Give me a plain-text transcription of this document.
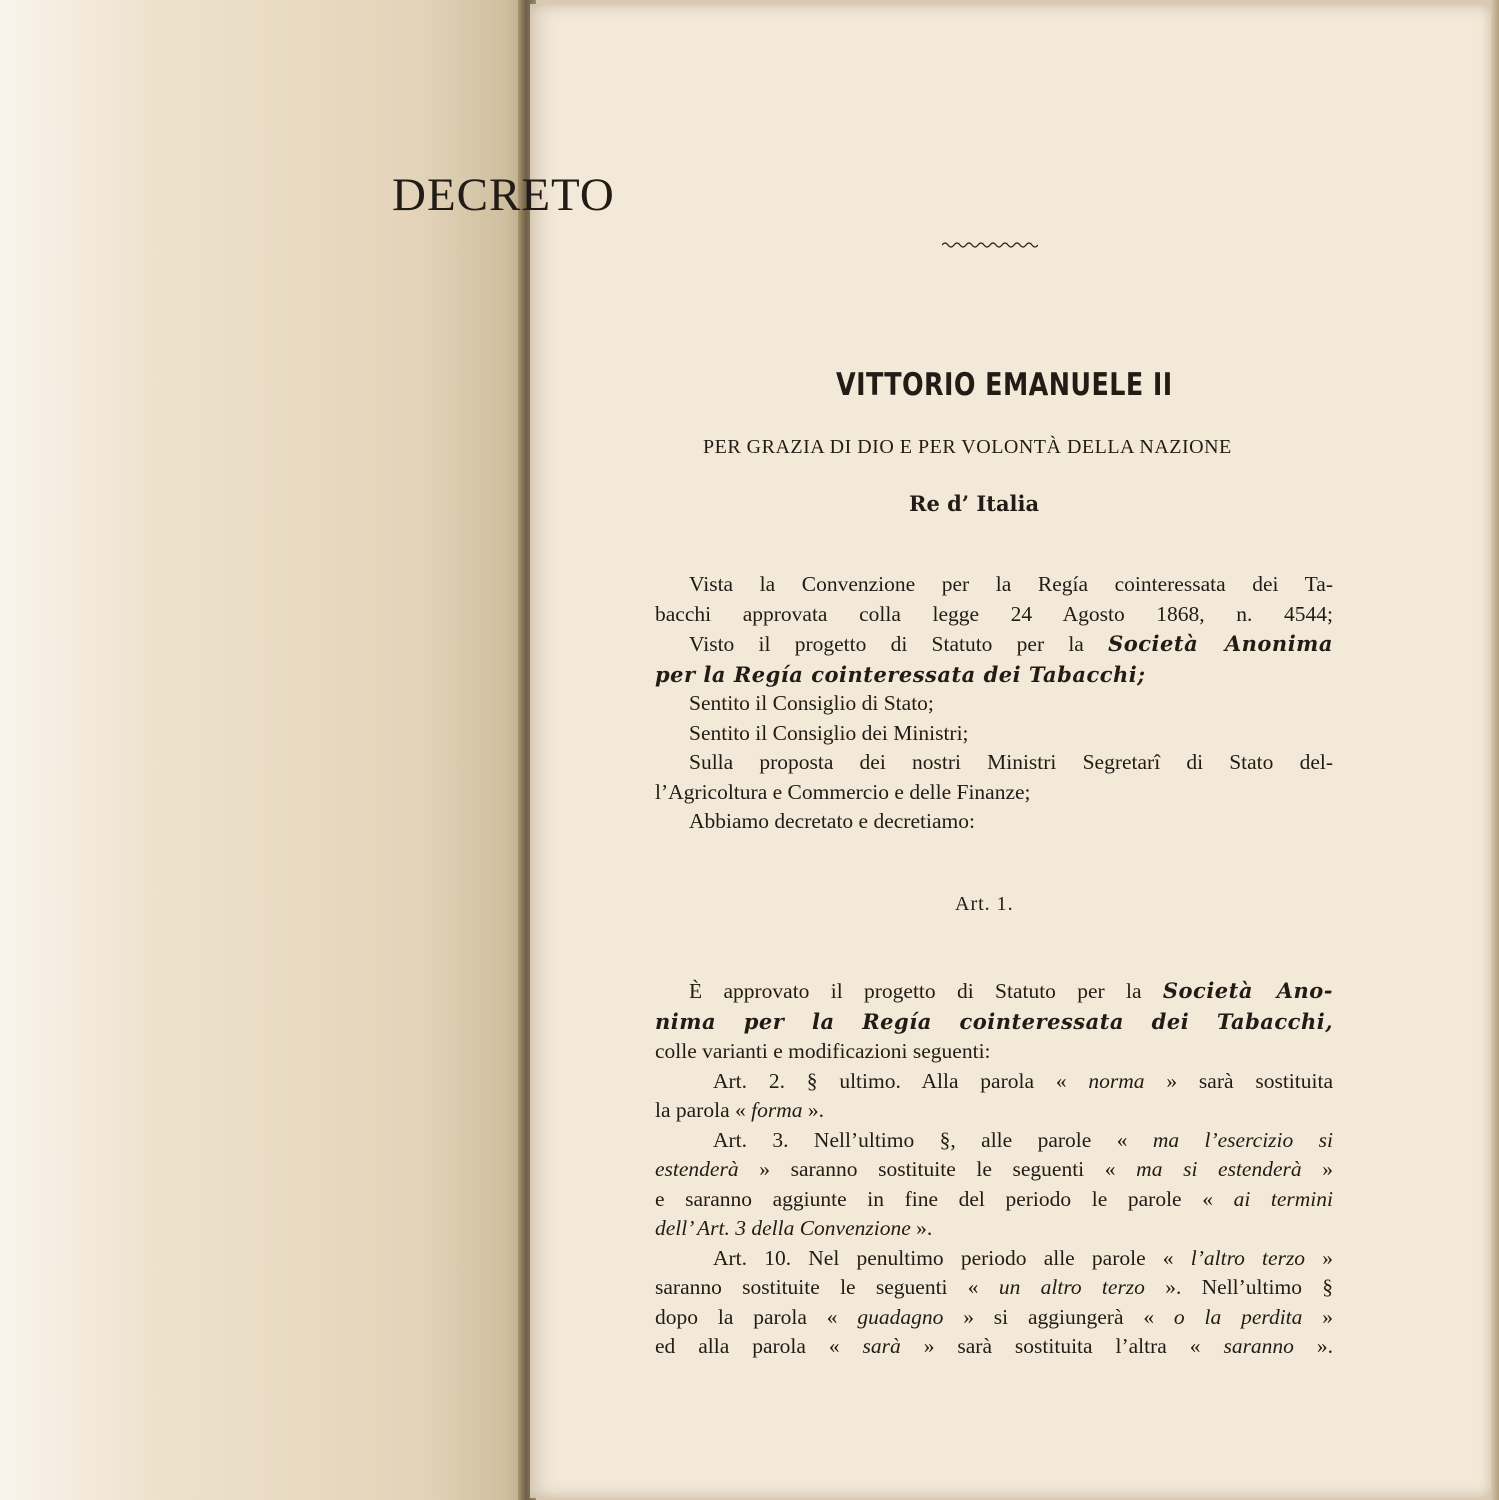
DECRETO
VITTORIO EMANUELE II
PER GRAZIA DI DIO E PER VOLONTÀ DELLA NAZIONE
Re d’ Italia
Vista la Convenzione per la Regía cointeressata dei Ta-
bacchi approvata colla legge 24 Agosto 1868, n. 4544;
Visto il progetto di Statuto per la Società Anonima
per la Regía cointeressata dei Tabacchi;
Sentito il Consiglio di Stato;
Sentito il Consiglio dei Ministri;
Sulla proposta dei nostri Ministri Segretarî di Stato del-
l’Agricoltura e Commercio e delle Finanze;
Abbiamo decretato e decretiamo:
Art. 1.
È approvato il progetto di Statuto per la Società Ano-
nima per la Regía cointeressata dei Tabacchi,
colle varianti e modificazioni seguenti:
Art. 2. § ultimo. Alla parola « norma » sarà sostituita
la parola « forma ».
Art. 3. Nell’ultimo §, alle parole « ma l’esercizio si
estenderà » saranno sostituite le seguenti « ma si estenderà »
e saranno aggiunte in fine del periodo le parole « ai termini
dell’ Art. 3 della Convenzione ».
Art. 10. Nel penultimo periodo alle parole « l’altro terzo »
saranno sostituite le seguenti « un altro terzo ». Nell’ultimo §
dopo la parola « guadagno » si aggiungerà « o la perdita »
ed alla parola « sarà » sarà sostituita l’altra « saranno ».
